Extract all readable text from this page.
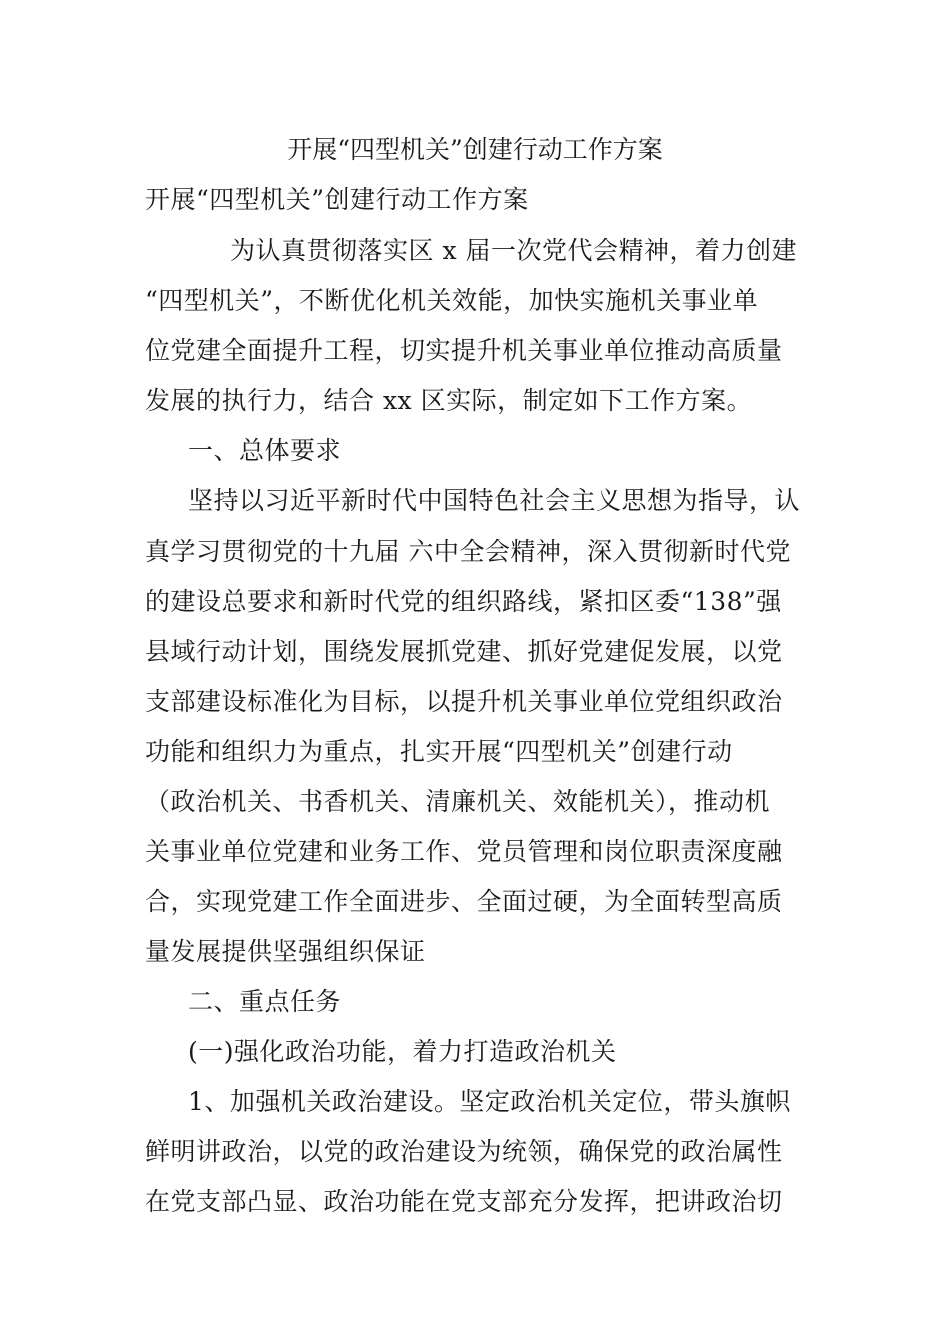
开展“四型机关”创建行动工作方案
开展“四型机关”创建行动工作方案
为认真贯彻落实区 x 届一次党代会精神，着力创建
“四型机关”，不断优化机关效能，加快实施机关事业单
位党建全面提升工程，切实提升机关事业单位推动高质量
发展的执行力，结合 xx 区实际，制定如下工作方案。
一、总体要求
坚持以习近平新时代中国特色社会主义思想为指导，认
真学习贯彻党的十九届 六中全会精神，深入贯彻新时代党
的建设总要求和新时代党的组织路线，紧扣区委“138”强
县域行动计划，围绕发展抓党建、抓好党建促发展，以党
支部建设标准化为目标，以提升机关事业单位党组织政治
功能和组织力为重点，扎实开展“四型机关”创建行动
（政治机关、书香机关、清廉机关、效能机关），推动机
关事业单位党建和业务工作、党员管理和岗位职责深度融
合，实现党建工作全面进步、全面过硬，为全面转型高质
量发展提供坚强组织保证
二、重点任务
(一)强化政治功能，着力打造政治机关
1、加强机关政治建设。坚定政治机关定位，带头旗帜
鲜明讲政治，以党的政治建设为统领，确保党的政治属性
在党支部凸显、政治功能在党支部充分发挥，把讲政治切
